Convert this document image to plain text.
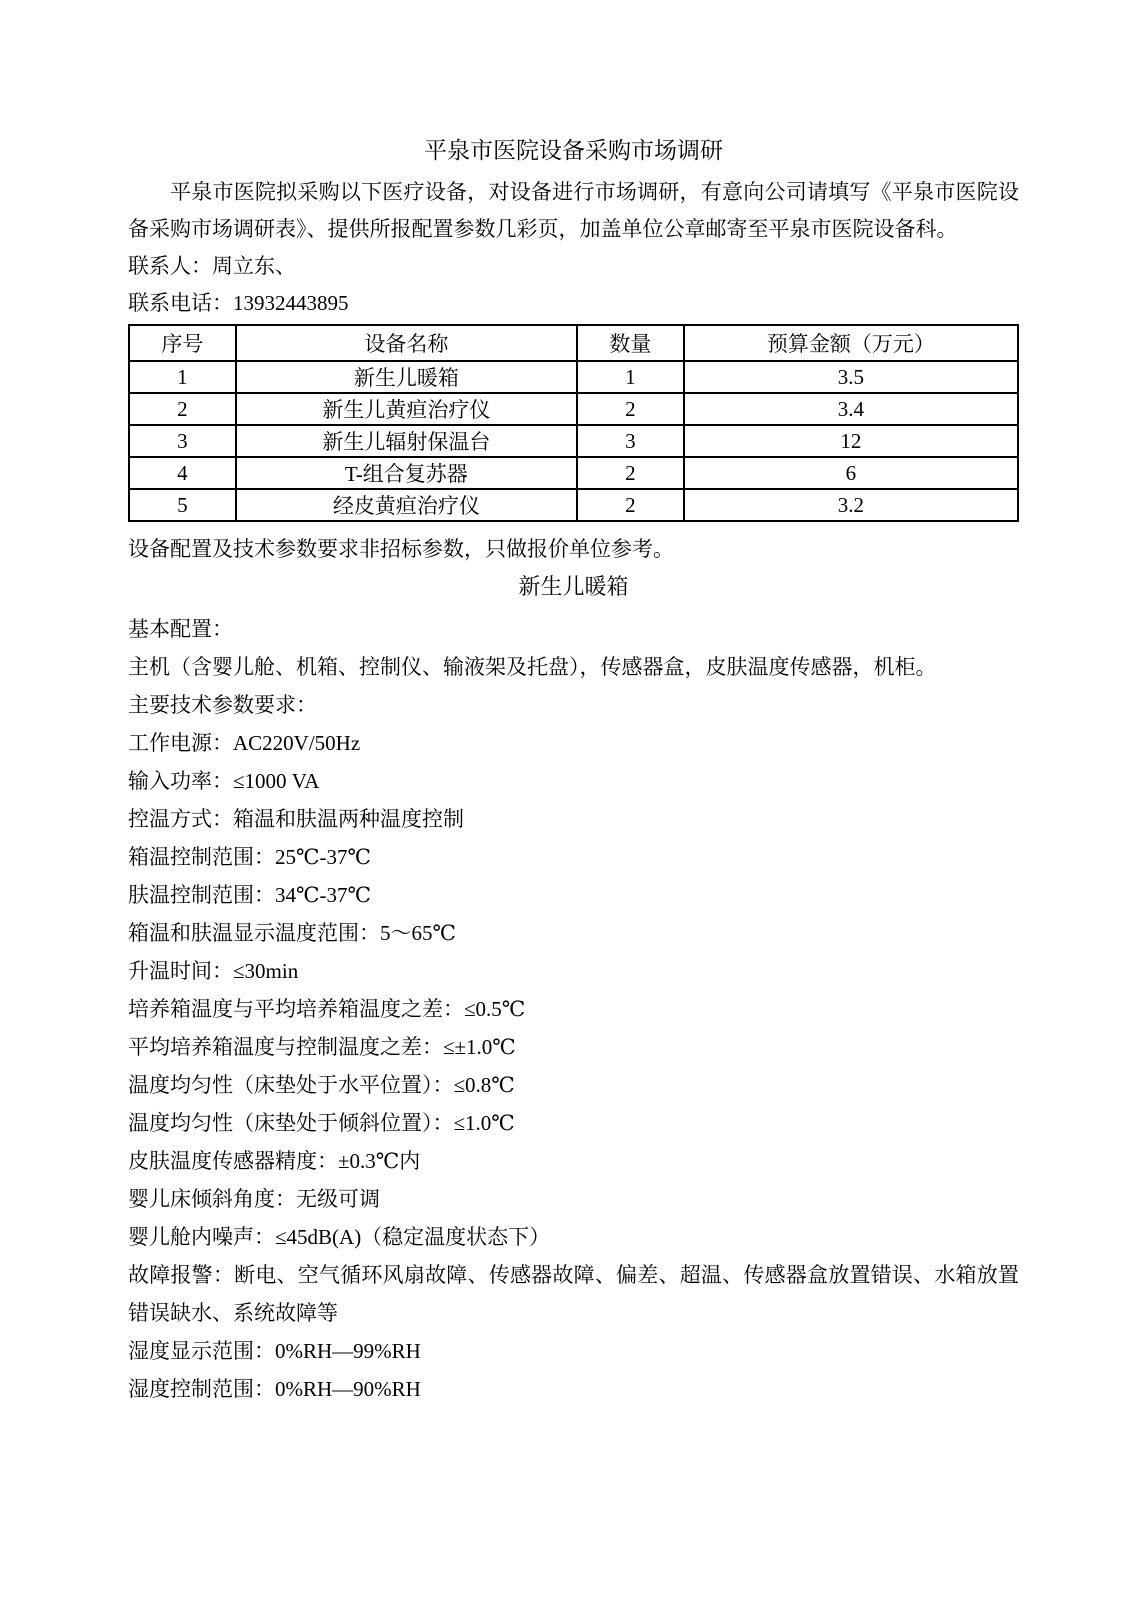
平泉市医院设备采购市场调研

平泉市医院拟采购以下医疗设备，对设备进行市场调研，有意向公司请填写《平泉市医院设备采购市场调研表》、提供所报配置参数几彩页，加盖单位公章邮寄至平泉市医院设备科。

联系人：周立东、

联系电话：13932443895

序号	设备名称	数量	预算金额（万元）
1	新生儿暖箱	1	3.5
2	新生儿黄疸治疗仪	2	3.4
3	新生儿辐射保温台	3	12
4	T-组合复苏器	2	6
5	经皮黄疸治疗仪	2	3.2

设备配置及技术参数要求非招标参数，只做报价单位参考。

新生儿暖箱

基本配置：

主机（含婴儿舱、机箱、控制仪、输液架及托盘），传感器盒，皮肤温度传感器，机柜。

主要技术参数要求：

工作电源：AC220V/50Hz

输入功率：≤1000 VA

控温方式：箱温和肤温两种温度控制

箱温控制范围：25℃-37℃

肤温控制范围：34℃-37℃

箱温和肤温显示温度范围：5～65℃

升温时间：≤30min

培养箱温度与平均培养箱温度之差：≤0.5℃

平均培养箱温度与控制温度之差：≤±1.0℃

温度均匀性（床垫处于水平位置）：≤0.8℃

温度均匀性（床垫处于倾斜位置）：≤1.0℃

皮肤温度传感器精度：±0.3℃内

婴儿床倾斜角度：无级可调

婴儿舱内噪声：≤45dB(A)（稳定温度状态下）

故障报警：断电、空气循环风扇故障、传感器故障、偏差、超温、传感器盒放置错误、水箱放置错误缺水、系统故障等

湿度显示范围：0%RH—99%RH

湿度控制范围：0%RH—90%RH
